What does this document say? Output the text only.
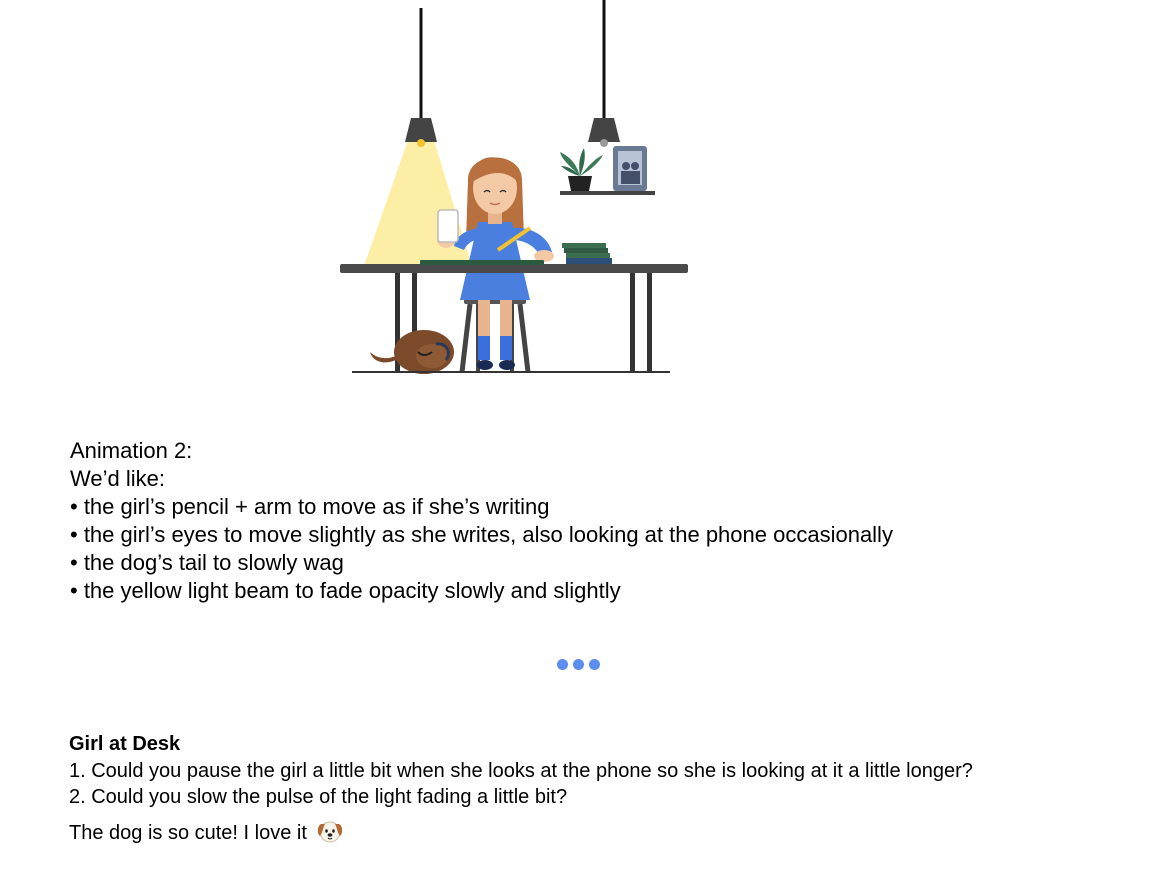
Animation 2:
We’d like:
• the girl’s pencil + arm to move as if she’s writing
• the girl’s eyes to move slightly as she writes, also looking at the phone occasionally
• the dog’s tail to slowly wag
• the yellow light beam to fade opacity slowly and slightly
Girl at Desk
1. Could you pause the girl a little bit when she looks at the phone so she is looking at it a little longer?
2. Could you slow the pulse of the light fading a little bit?
The dog is so cute! I love it
